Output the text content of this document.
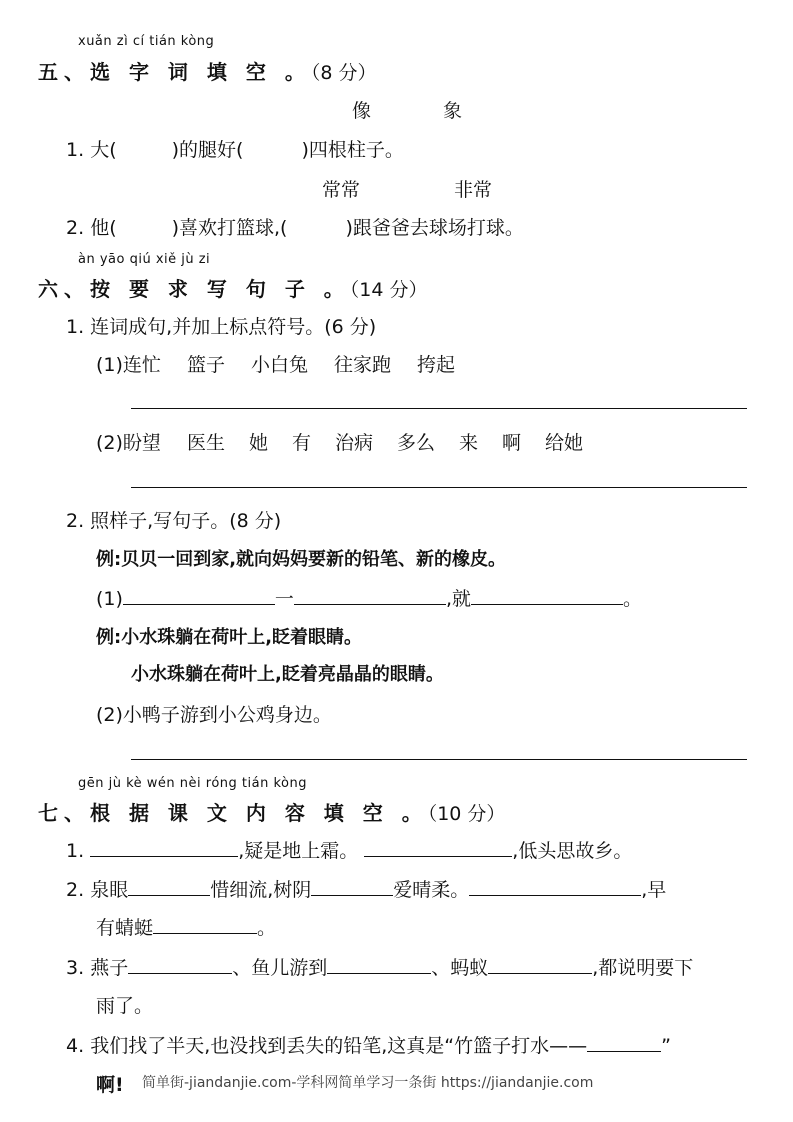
xuǎn zì cí tián kòng
五、选 字 词 填 空 。（8 分）
像	象
1. 大(	)的腿好(	)四根柱子。
常常	非常
2. 他(	)喜欢打篮球,(	)跟爸爸去球场打球。
àn yāo qiú xiě jù zi
六、按 要 求 写 句 子 。（14 分）
1. 连词成句,并加上标点符号。(6 分)
(1)连忙 篮子 小白兔 往家跑 挎起
(2)盼望 医生 她 有 治病 多么 来 啊 给她
2. 照样子,写句子。(8 分)
例:贝贝一回到家,就向妈妈要新的铅笔、新的橡皮。
(1)	一	,就	。
例:小水珠躺在荷叶上,眨着眼睛。
小水珠躺在荷叶上,眨着亮晶晶的眼睛。
(2)小鸭子游到小公鸡身边。
gēn jù kè wén nèi róng tián kòng
七、根 据 课 文 内 容 填 空 。（10 分）
1.	,疑是地上霜。	,低头思故乡。
2. 泉眼	惜细流,树阴	爱晴柔。	,早
有蜻蜓	。
3. 燕子	、鱼儿游到	、蚂蚁	,都说明要下
雨了。
4. 我们找了半天,也没找到丢失的铅笔,这真是“竹篮子打水——	”
啊! 简单街-jiandanjie.com-学科网简单学习一条街 https://jiandanjie.com
